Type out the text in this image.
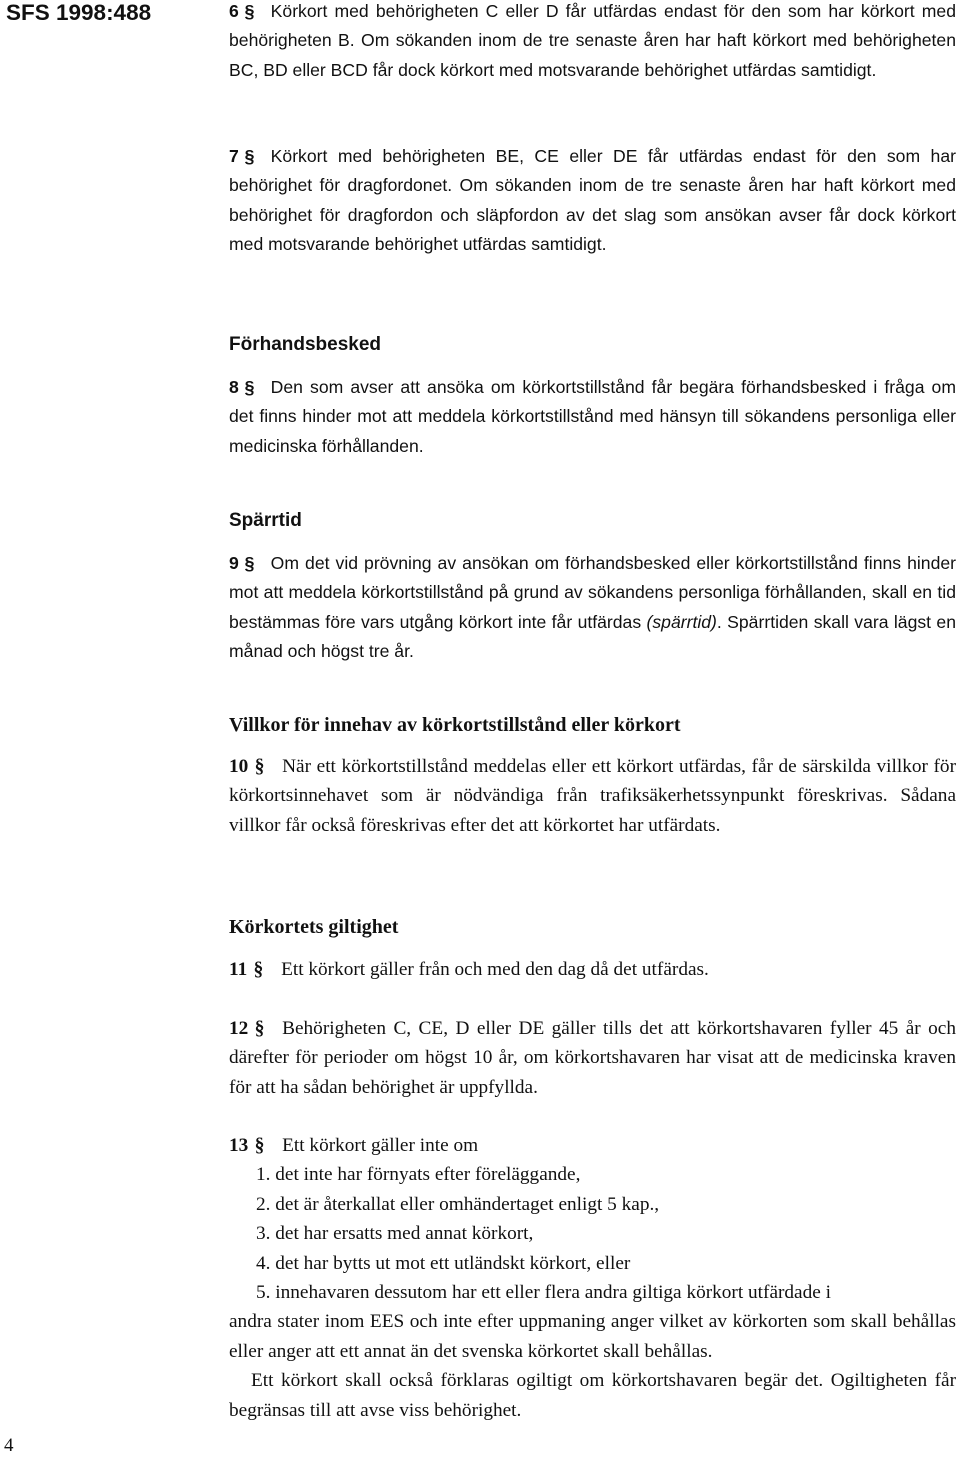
SFS 1998:488	6 § Körkort med behörigheten C eller D får utfärdas endast för den som har körkort med behörigheten B. Om sökanden inom de tre senaste åren har haft körkort med behörigheten BC, BD eller BCD får dock körkort med motsvarande behörighet utfärdas samtidigt.
7 § Körkort med behörigheten BE, CE eller DE får utfärdas endast för den som har behörighet för dragfordonet. Om sökanden inom de tre senaste åren har haft körkort med behörighet för dragfordon och släpfordon av det slag som ansökan avser får dock körkort med motsvarande behörighet utfärdas samtidigt.
Förhandsbesked
8 § Den som avser att ansöka om körkortstillstånd får begära förhandsbesked i fråga om det finns hinder mot att meddela körkortstillstånd med hänsyn till sökandens personliga eller medicinska förhållanden.
Spärrtid
9 § Om det vid prövning av ansökan om förhandsbesked eller körkortstillstånd finns hinder mot att meddela körkortstillstånd på grund av sökandens personliga förhållanden, skall en tid bestämmas före vars utgång körkort inte får utfärdas (spärrtid). Spärrtiden skall vara lägst en månad och högst tre år.
Villkor för innehav av körkortstillstånd eller körkort
10 § När ett körkortstillstånd meddelas eller ett körkort utfärdas, får de särskilda villkor för körkortsinnehavet som är nödvändiga från trafiksäkerhetssynpunkt föreskrivas. Sådana villkor får också föreskrivas efter det att körkortet har utfärdats.
Körkortets giltighet
11 § Ett körkort gäller från och med den dag då det utfärdas.
12 § Behörigheten C, CE, D eller DE gäller tills det att körkortshavaren fyller 45 år och därefter för perioder om högst 10 år, om körkortshavaren har visat att de medicinska kraven för att ha sådan behörighet är uppfyllda.
13 § Ett körkort gäller inte om
1. det inte har förnyats efter föreläggande,
2. det är återkallat eller omhändertaget enligt 5 kap.,
3. det har ersatts med annat körkort,
4. det har bytts ut mot ett utländskt körkort, eller
5. innehavaren dessutom har ett eller flera andra giltiga körkort utfärdade i
andra stater inom EES och inte efter uppmaning anger vilket av körkorten som skall behållas eller anger att ett annat än det svenska körkortet skall behållas.
Ett körkort skall också förklaras ogiltigt om körkortshavaren begär det. Ogiltigheten får begränsas till att avse viss behörighet.
4
